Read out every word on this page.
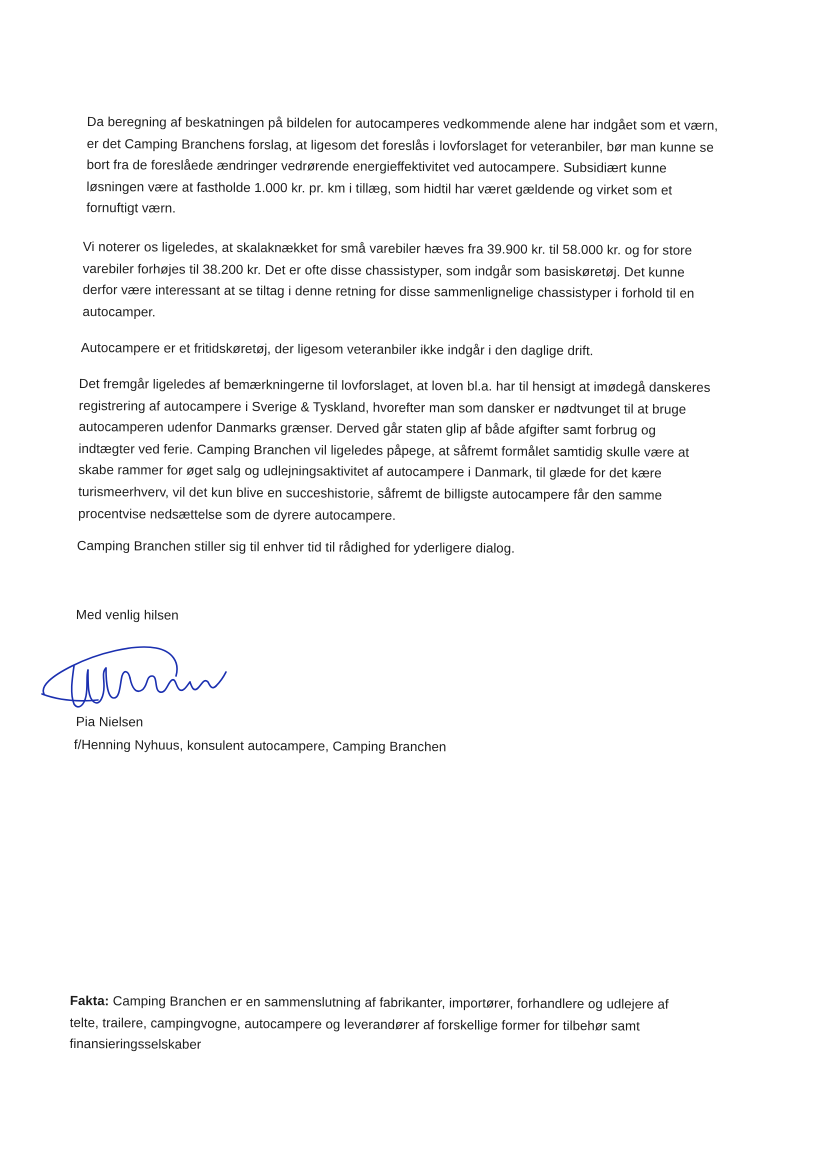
Da beregning af beskatningen på bildelen for autocamperes vedkommende alene har indgået som et værn,
er det Camping Branchens forslag, at ligesom det foreslås i lovforslaget for veteranbiler, bør man kunne se
bort fra de foreslåede ændringer vedrørende energieffektivitet ved autocampere. Subsidiært kunne
løsningen være at fastholde 1.000 kr. pr. km i tillæg, som hidtil har været gældende og virket som et
fornuftigt værn.

Vi noterer os ligeledes, at skalaknækket for små varebiler hæves fra 39.900 kr. til 58.000 kr. og for store
varebiler forhøjes til 38.200 kr. Det er ofte disse chassistyper, som indgår som basiskøretøj. Det kunne
derfor være interessant at se tiltag i denne retning for disse sammenlignelige chassistyper i forhold til en
autocamper.

Autocampere er et fritidskøretøj, der ligesom veteranbiler ikke indgår i den daglige drift.

Det fremgår ligeledes af bemærkningerne til lovforslaget, at loven bl.a. har til hensigt at imødegå danskeres
registrering af autocampere i Sverige & Tyskland, hvorefter man som dansker er nødtvunget til at bruge
autocamperen udenfor Danmarks grænser. Derved går staten glip af både afgifter samt forbrug og
indtægter ved ferie. Camping Branchen vil ligeledes påpege, at såfremt formålet samtidig skulle være at
skabe rammer for øget salg og udlejningsaktivitet af autocampere i Danmark, til glæde for det kære
turismeerhverv, vil det kun blive en succeshistorie, såfremt de billigste autocampere får den samme
procentvise nedsættelse som de dyrere autocampere.

Camping Branchen stiller sig til enhver tid til rådighed for yderligere dialog.

Med venlig hilsen

Pia Nielsen

f/Henning Nyhuus, konsulent autocampere, Camping Branchen

Fakta: Camping Branchen er en sammenslutning af fabrikanter, importører, forhandlere og udlejere af
telte, trailere, campingvogne, autocampere og leverandører af forskellige former for tilbehør samt
finansieringsselskaber
